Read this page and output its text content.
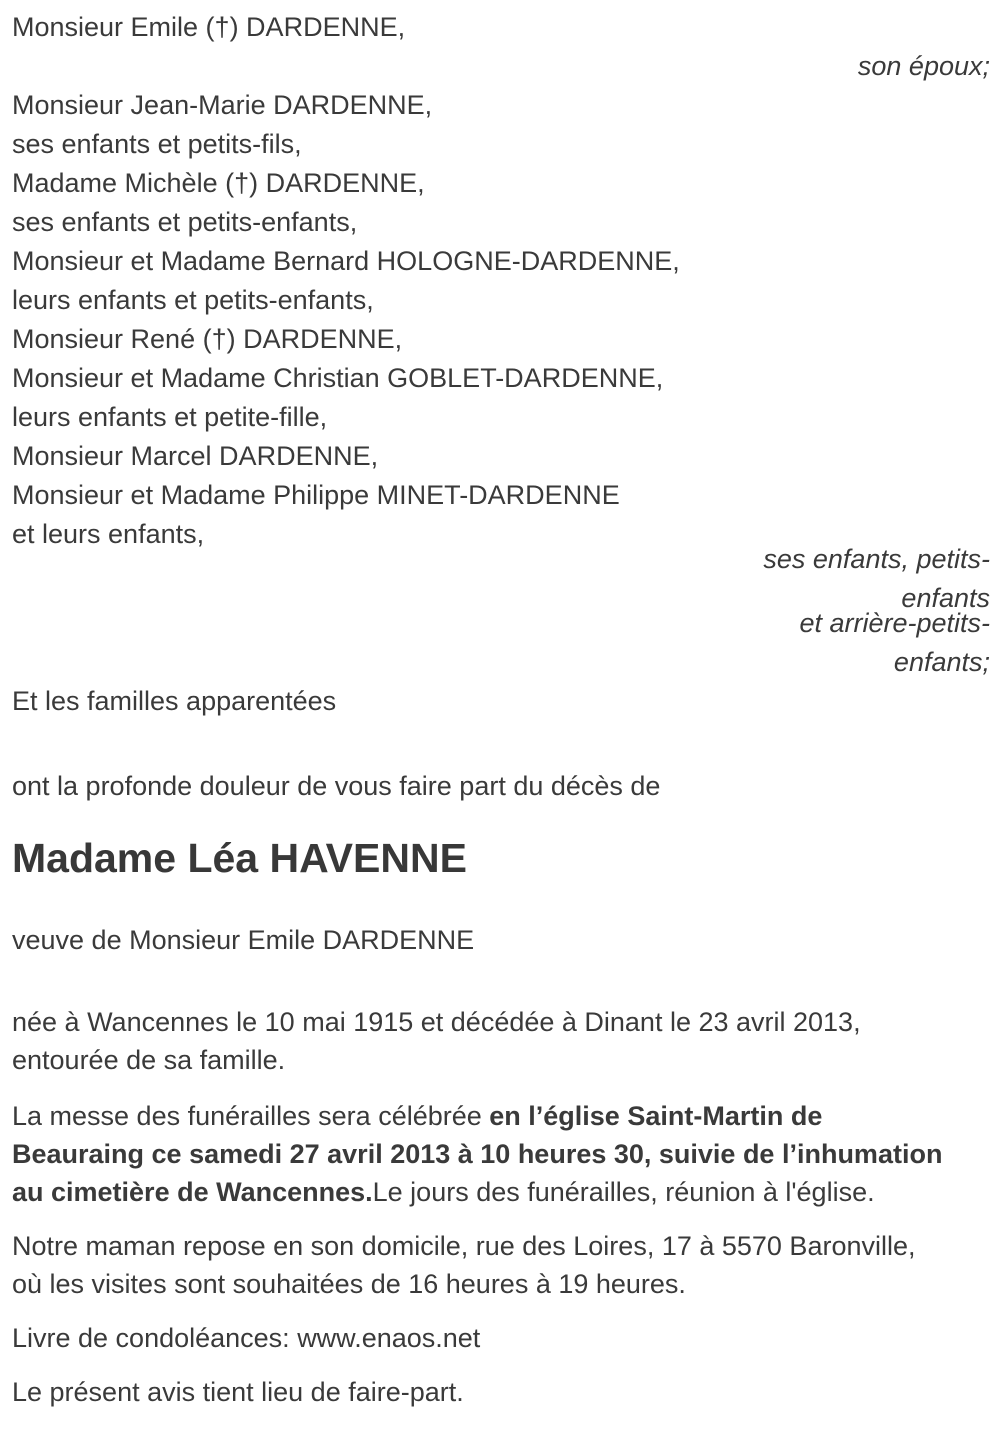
Monsieur Emile (†) DARDENNE,
son époux;
Monsieur Jean-Marie DARDENNE,
ses enfants et petits-fils,
Madame Michèle (†) DARDENNE,
ses enfants et petits-enfants,
Monsieur et Madame Bernard HOLOGNE-DARDENNE,
leurs enfants et petits-enfants,
Monsieur René (†) DARDENNE,
Monsieur et Madame Christian GOBLET-DARDENNE,
leurs enfants et petite-fille,
Monsieur Marcel DARDENNE,
Monsieur et Madame Philippe MINET-DARDENNE
et leurs enfants,
ses enfants, petits-
enfants
et arrière-petits-
enfants;
Et les familles apparentées

ont la profonde douleur de vous faire part du décès de

Madame Léa HAVENNE

veuve de Monsieur Emile DARDENNE

née à Wancennes le 10 mai 1915 et décédée à Dinant le 23 avril 2013, entourée de sa famille.

La messe des funérailles sera célébrée en l’église Saint-Martin de Beauraing ce samedi 27 avril 2013 à 10 heures 30, suivie de l’inhumation au cimetière de Wancennes.Le jours des funérailles, réunion à l'église.

Notre maman repose en son domicile, rue des Loires, 17 à 5570 Baronville, où les visites sont souhaitées de 16 heures à 19 heures.

Livre de condoléances: www.enaos.net

Le présent avis tient lieu de faire-part.
